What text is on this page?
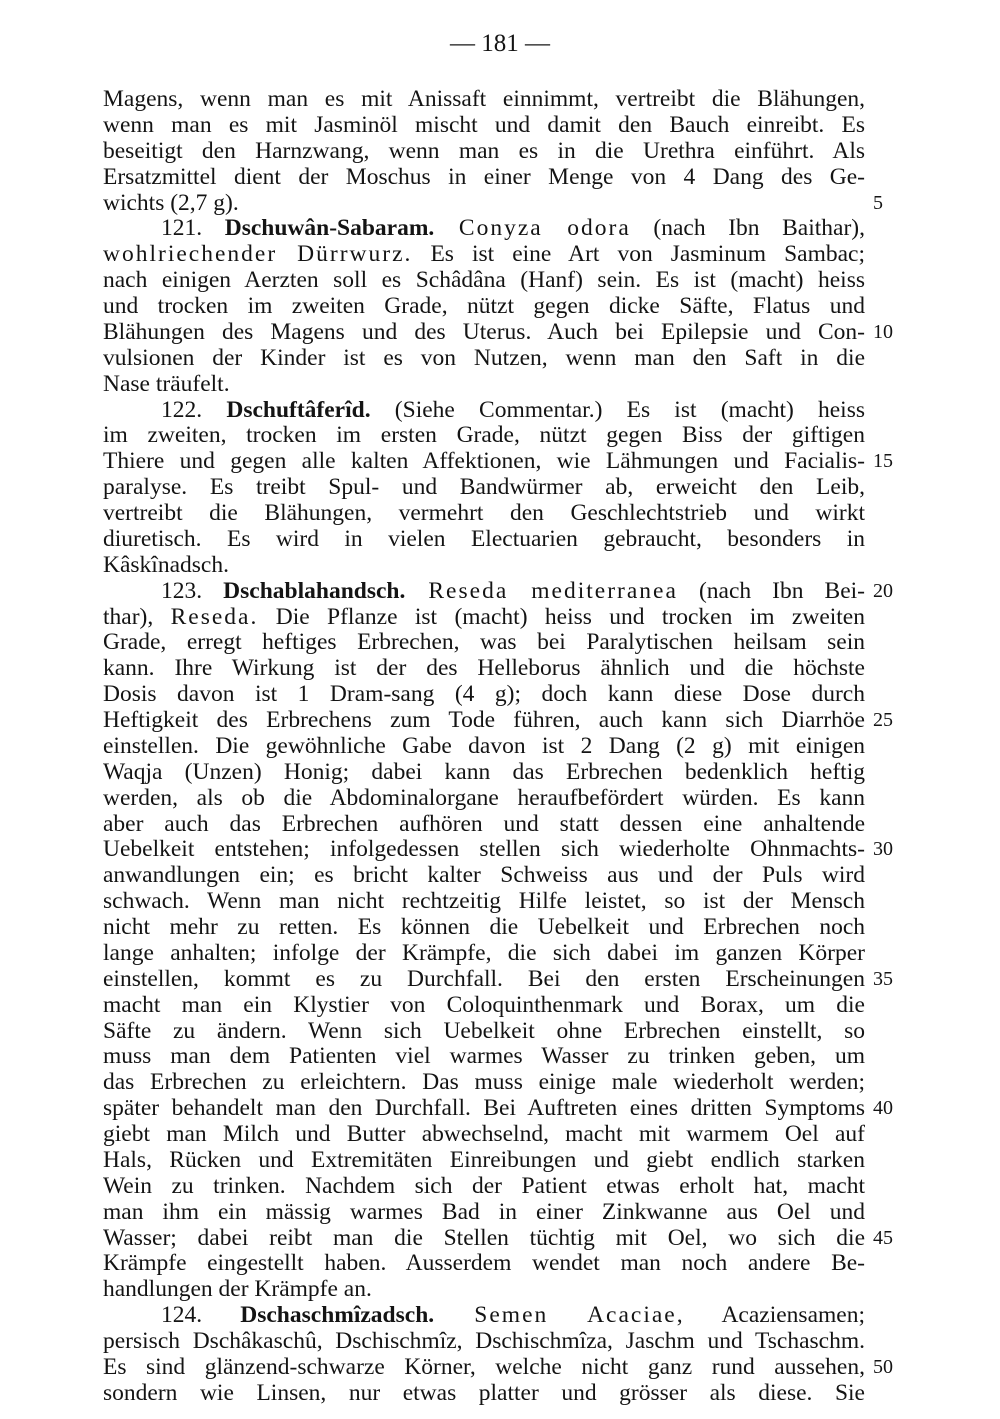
— 181 —
Magens, wenn man es mit Anissaft einnimmt, vertreibt die Blähungen,
wenn man es mit Jasminöl mischt und damit den Bauch einreibt. Es
beseitigt den Harnzwang, wenn man es in die Urethra einführt. Als
Ersatzmittel dient der Moschus in einer Menge von 4 Dang des Ge-
wichts (2,7 g).	5
121. Dschuwân-Sabaram. Conyza odora (nach Ibn Baithar),
wohlriechender Dürrwurz. Es ist eine Art von Jasminum Sambac;
nach einigen Aerzten soll es Schâdâna (Hanf) sein. Es ist (macht) heiss
und trocken im zweiten Grade, nützt gegen dicke Säfte, Flatus und
Blähungen des Magens und des Uterus. Auch bei Epilepsie und Con- 10
vulsionen der Kinder ist es von Nutzen, wenn man den Saft in die
Nase träufelt.
122. Dschuftâferîd. (Siehe Commentar.) Es ist (macht) heiss
im zweiten, trocken im ersten Grade, nützt gegen Biss der giftigen
Thiere und gegen alle kalten Affektionen, wie Lähmungen und Facialis- 15
paralyse. Es treibt Spul- und Bandwürmer ab, erweicht den Leib,
vertreibt die Blähungen, vermehrt den Geschlechtstrieb und wirkt
diuretisch. Es wird in vielen Electuarien gebraucht, besonders in
Kâskînadsch.
123. Dschablahandsch. Reseda mediterranea (nach Ibn Bei- 20
thar), Reseda. Die Pflanze ist (macht) heiss und trocken im zweiten
Grade, erregt heftiges Erbrechen, was bei Paralytischen heilsam sein
kann. Ihre Wirkung ist der des Helleborus ähnlich und die höchste
Dosis davon ist 1 Dram-sang (4 g); doch kann diese Dose durch
Heftigkeit des Erbrechens zum Tode führen, auch kann sich Diarrhöe 25
einstellen. Die gewöhnliche Gabe davon ist 2 Dang (2 g) mit einigen
Waqja (Unzen) Honig; dabei kann das Erbrechen bedenklich heftig
werden, als ob die Abdominalorgane heraufbefördert würden. Es kann
aber auch das Erbrechen aufhören und statt dessen eine anhaltende
Uebelkeit entstehen; infolgedessen stellen sich wiederholte Ohnmachts- 30
anwandlungen ein; es bricht kalter Schweiss aus und der Puls wird
schwach. Wenn man nicht rechtzeitig Hilfe leistet, so ist der Mensch
nicht mehr zu retten. Es können die Uebelkeit und Erbrechen noch
lange anhalten; infolge der Krämpfe, die sich dabei im ganzen Körper
einstellen, kommt es zu Durchfall. Bei den ersten Erscheinungen 35
macht man ein Klystier von Coloquinthenmark und Borax, um die
Säfte zu ändern. Wenn sich Uebelkeit ohne Erbrechen einstellt, so
muss man dem Patienten viel warmes Wasser zu trinken geben, um
das Erbrechen zu erleichtern. Das muss einige male wiederholt werden;
später behandelt man den Durchfall. Bei Auftreten eines dritten Symptoms 40
giebt man Milch und Butter abwechselnd, macht mit warmem Oel auf
Hals, Rücken und Extremitäten Einreibungen und giebt endlich starken
Wein zu trinken. Nachdem sich der Patient etwas erholt hat, macht
man ihm ein mässig warmes Bad in einer Zinkwanne aus Oel und
Wasser; dabei reibt man die Stellen tüchtig mit Oel, wo sich die 45
Krämpfe eingestellt haben. Ausserdem wendet man noch andere Be-
handlungen der Krämpfe an.
124. Dschaschmîzadsch. Semen Acaciae, Acaziensamen;
persisch Dschâkaschû, Dschischmîz, Dschischmîza, Jaschm und Tschaschm.
Es sind glänzend-schwarze Körner, welche nicht ganz rund aussehen, 50
sondern wie Linsen, nur etwas platter und grösser als diese. Sie
